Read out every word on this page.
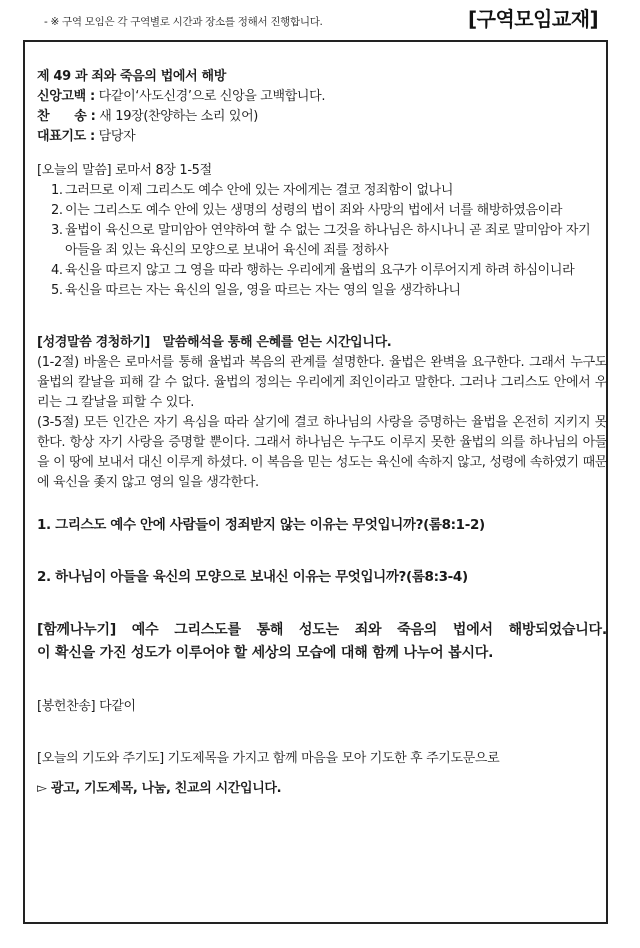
- ※ 구역 모임은 각 구역별로 시간과 장소를 정해서 진행합니다.	[구역모임교재]
제 49 과 죄와 죽음의 법에서 해방
신앙고백 : 다같이‘사도신경’으로 신앙을 고백합니다.
찬      송 : 새 19장(찬양하는 소리 있어)
대표기도 : 담당자
[오늘의 말씀] 로마서 8장 1-5절
1. 그러므로 이제 그리스도 예수 안에 있는 자에게는 결코 정죄함이 없나니
2. 이는 그리스도 예수 안에 있는 생명의 성령의 법이 죄와 사망의 법에서 너를 해방하였음이라
3. 율법이 육신으로 말미암아 연약하여 할 수 없는 그것을 하나님은 하시나니 곧 죄로 말미암아 자기 아들을 죄 있는 육신의 모양으로 보내어 육신에 죄를 정하사
4. 육신을 따르지 않고 그 영을 따라 행하는 우리에게 율법의 요구가 이루어지게 하려 하심이니라
5. 육신을 따르는 자는 육신의 일을, 영을 따르는 자는 영의 일을 생각하나니
[성경말씀 경청하기] 말씀해석을 통해 은혜를 얻는 시간입니다.
(1-2절) 바울은 로마서를 통해 율법과 복음의 관계를 설명한다. 율법은 완벽을 요구한다. 그래서 누구도 율법의 칼날을 피해 갈 수 없다. 율법의 정의는 우리에게 죄인이라고 말한다. 그러나 그리스도 안에서 우리는 그 칼날을 피할 수 있다.
(3-5절) 모든 인간은 자기 욕심을 따라 살기에 결코 하나님의 사랑을 증명하는 율법을 온전히 지키지 못한다. 항상 자기 사랑을 증명할 뿐이다. 그래서 하나님은 누구도 이루지 못한 율법의 의를 하나님의 아들을 이 땅에 보내서 대신 이루게 하셨다. 이 복음을 믿는 성도는 육신에 속하지 않고, 성령에 속하였기 때문에 육신을 좇지 않고 영의 일을 생각한다.
1. 그리스도 예수 안에 사람들이 정죄받지 않는 이유는 무엇입니까?(롬8:1-2)
2. 하나님이 아들을 육신의 모양으로 보내신 이유는 무엇입니까?(롬8:3-4)
[함께나누기] 예수 그리스도를 통해 성도는 죄와 죽음의 법에서 해방되었습니다.
이 확신을 가진 성도가 이루어야 할 세상의 모습에 대해 함께 나누어 봅시다.
[봉헌찬송] 다같이
[오늘의 기도와 주기도] 기도제목을 가지고 함께 마음을 모아 기도한 후 주기도문으로
▻ 광고, 기도제목, 나눔, 친교의 시간입니다.
